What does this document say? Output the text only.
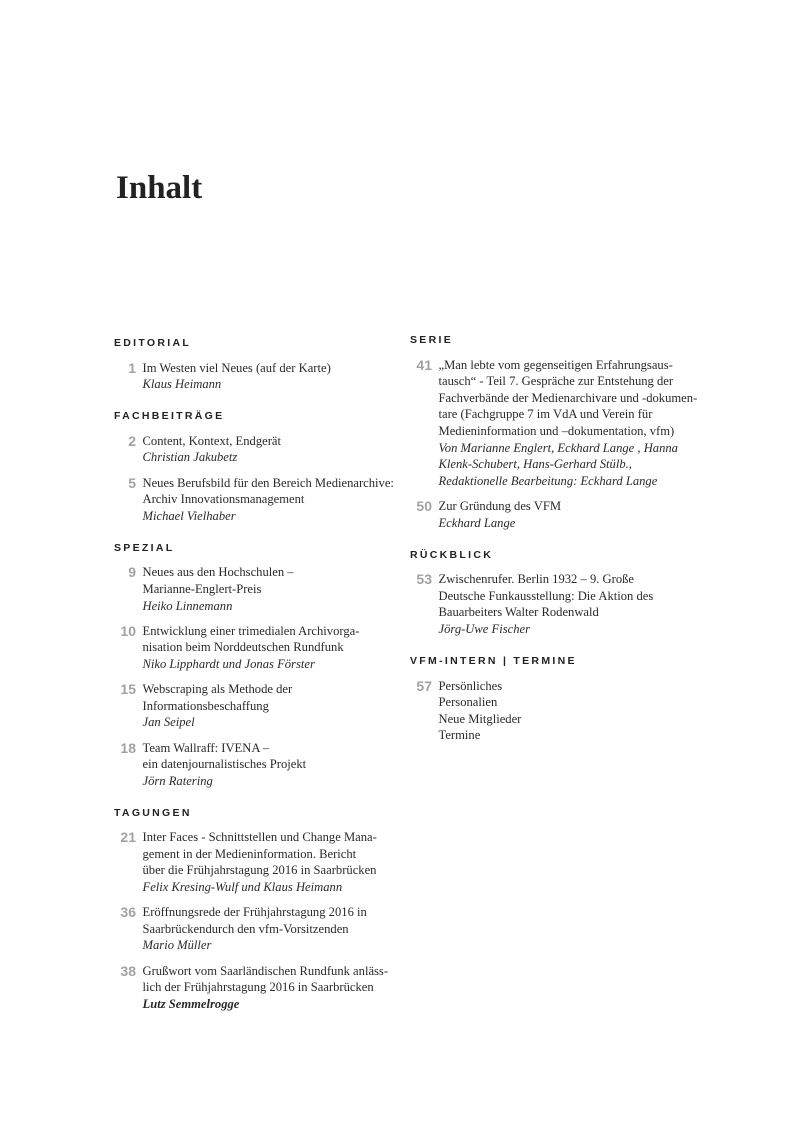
Inhalt
EDITORIAL
1 Im Westen viel Neues (auf der Karte)
Klaus Heimann
FACHBEITRÄGE
2 Content, Kontext, Endgerät
Christian Jakubetz
5 Neues Berufsbild für den Bereich Medienarchive:
Archiv Innovationsmanagement
Michael Vielhaber
SPEZIAL
9 Neues aus den Hochschulen –
Marianne-Englert-Preis
Heiko Linnemann
10 Entwicklung einer trimedialen Archivorga-
nisation beim Norddeutschen Rundfunk
Niko Lipphardt und Jonas Förster
15 Webscraping als Methode der
Informationsbeschaffung
Jan Seipel
18 Team Wallraff: IVENA –
ein datenjournalistisches Projekt
Jörn Ratering
TAGUNGEN
21 Inter Faces - Schnittstellen und Change Mana-
gement in der Medieninformation. Bericht
über die Frühjahrstagung 2016 in Saarbrücken
Felix Kresing-Wulf und Klaus Heimann
36 Eröffnungsrede der Frühjahrstagung 2016 in
Saarbrückendurch den vfm-Vorsitzenden
Mario Müller
38 Grußwort vom Saarländischen Rundfunk anläss-
lich der Frühjahrstagung 2016 in Saarbrücken
Lutz Semmelrogge
SERIE
41 „Man lebte vom gegenseitigen Erfahrungsaus-
tausch“ - Teil 7. Gespräche zur Entstehung der
Fachverbände der Medienarchivare und -dokumen-
tare (Fachgruppe 7 im VdA und Verein für
Medieninformation und –dokumentation, vfm)
Von Marianne Englert, Eckhard Lange , Hanna
Klenk-Schubert, Hans-Gerhard Stülb.,
Redaktionelle Bearbeitung: Eckhard Lange
50 Zur Gründung des VFM
Eckhard Lange
RÜCKBLICK
53 Zwischenrufer. Berlin 1932 – 9. Große
Deutsche Funkausstellung: Die Aktion des
Bauarbeiters Walter Rodenwald
Jörg-Uwe Fischer
VFM-INTERN | TERMINE
57 Persönliches
Personalien
Neue Mitglieder
Termine
